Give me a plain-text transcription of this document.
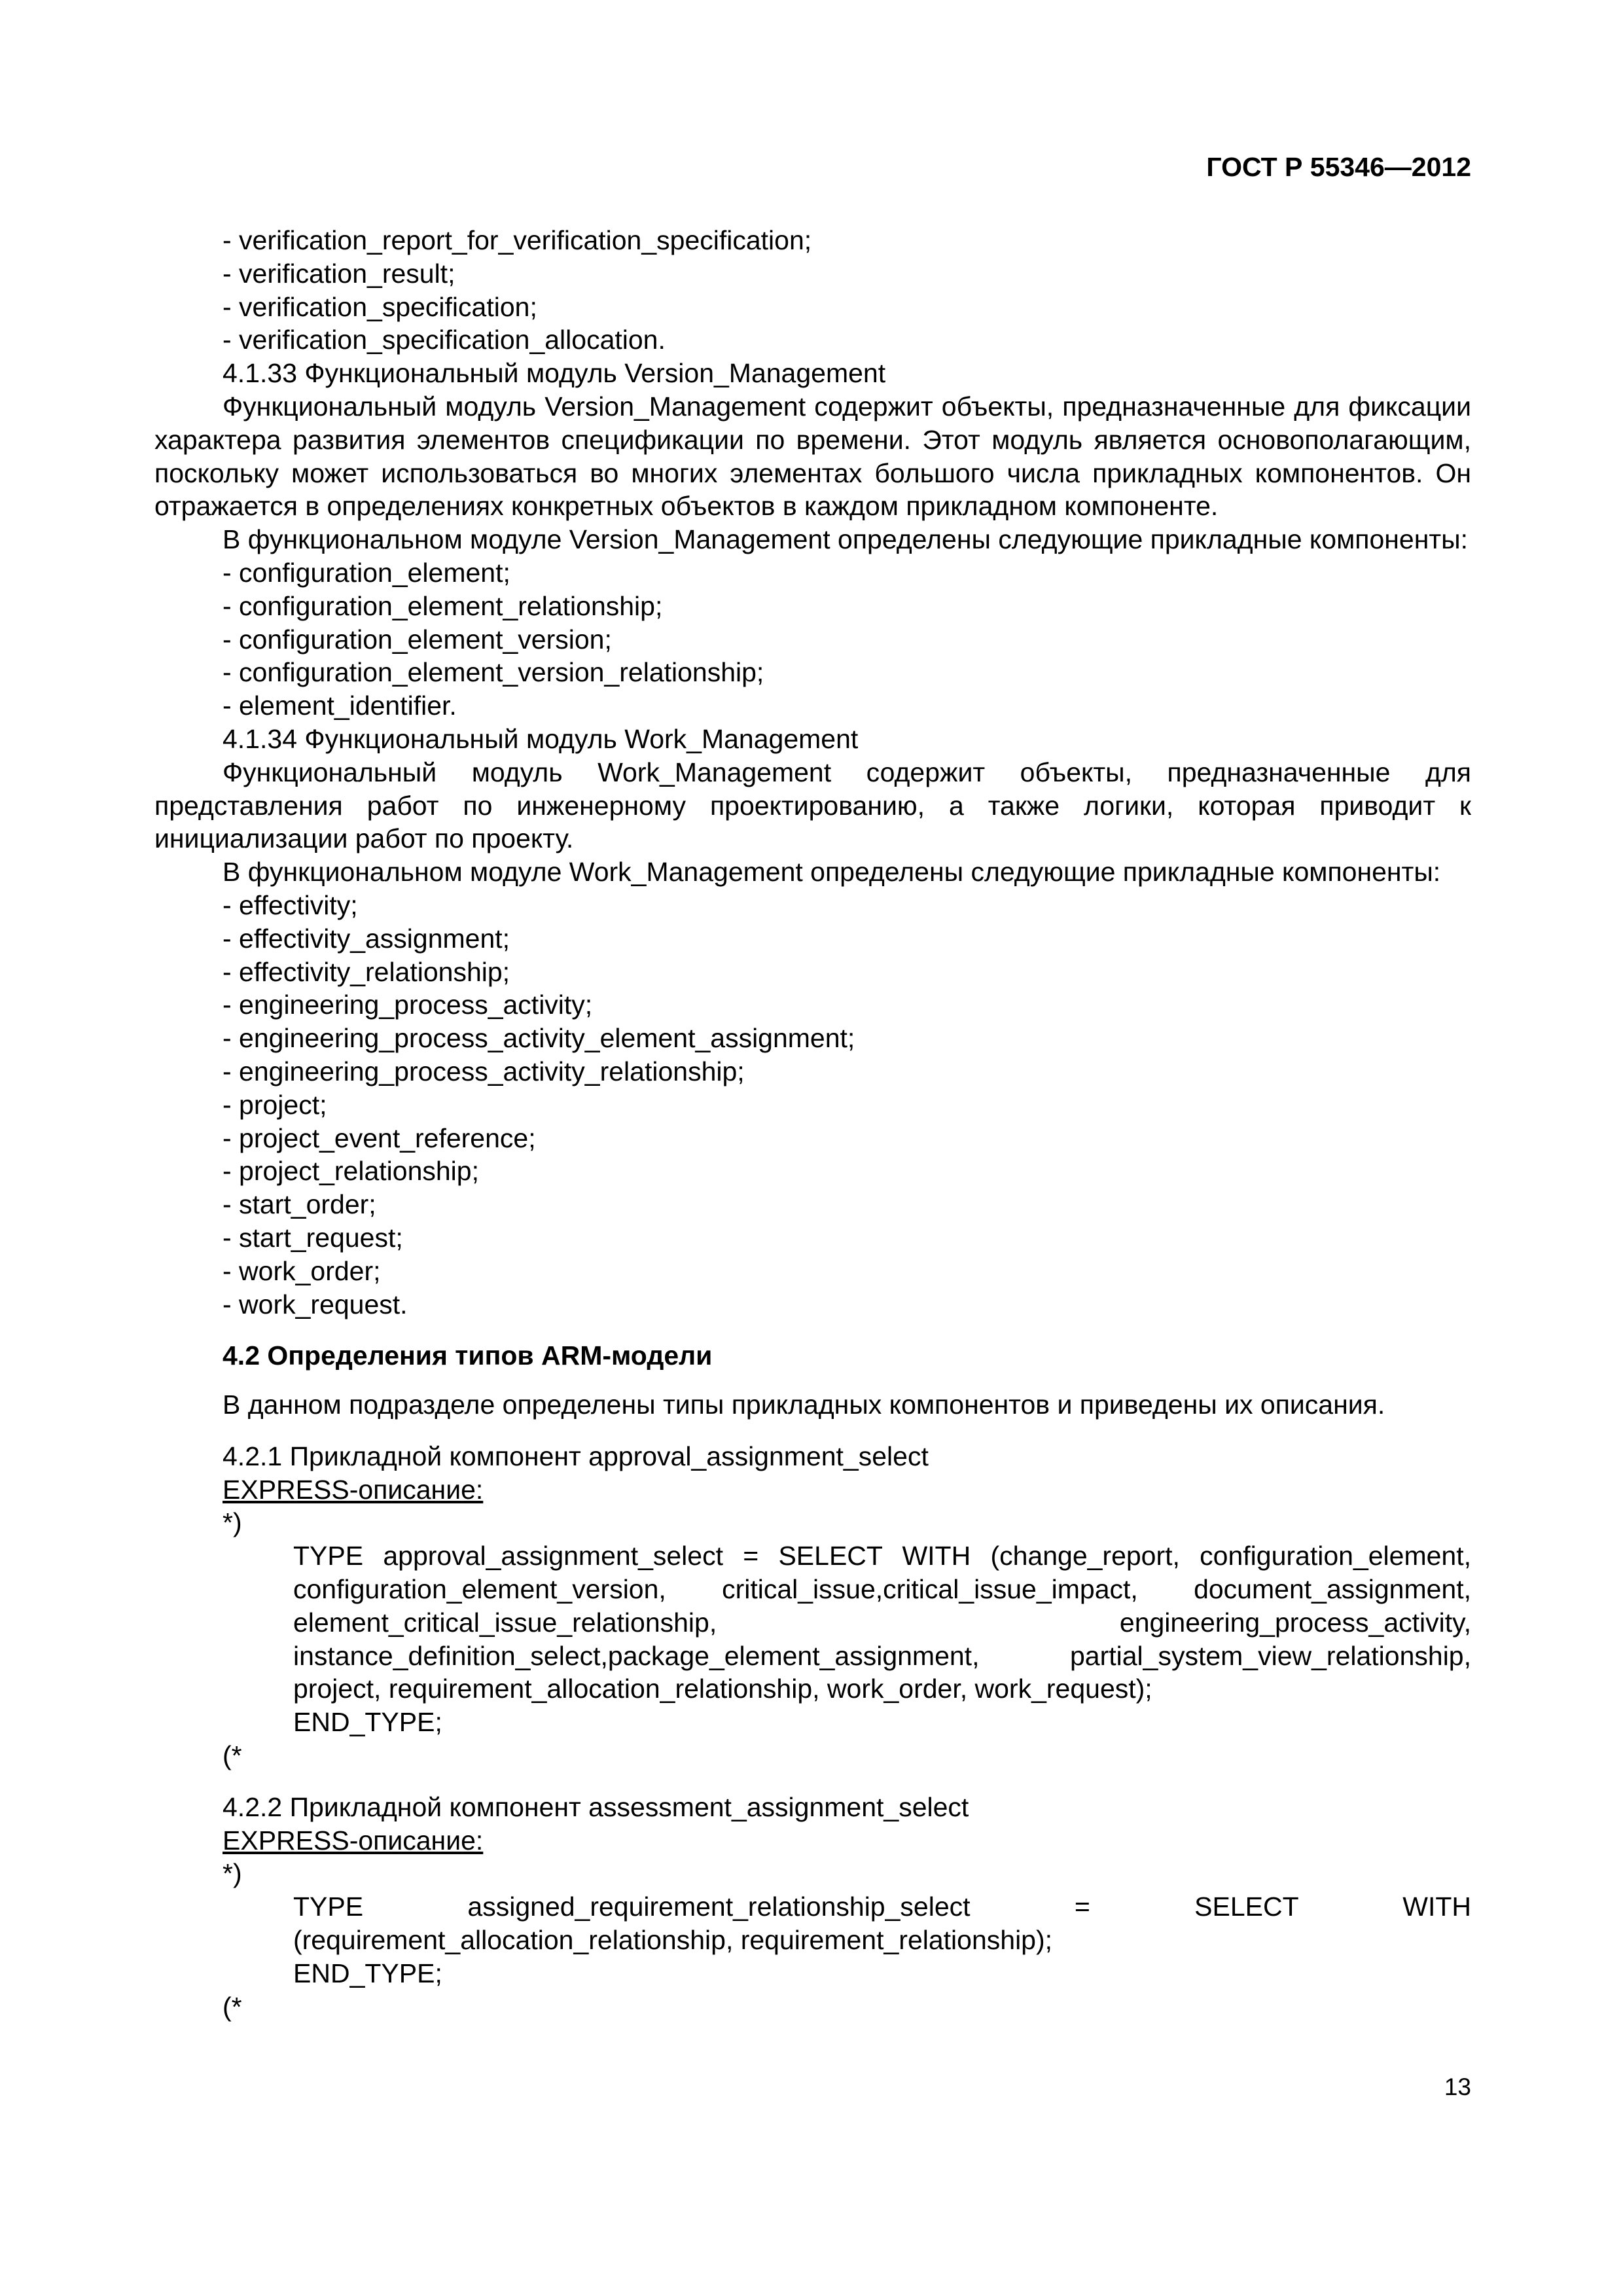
ГОСТ Р 55346—2012
- verification_report_for_verification_specification;
- verification_result;
- verification_specification;
- verification_specification_allocation.
4.1.33 Функциональный модуль Version_Management
Функциональный модуль Version_Management содержит объекты, предназначенные для фиксации характера развития элементов спецификации по времени. Этот модуль является основополагающим, поскольку может использоваться во многих элементах большого числа прикладных компонентов. Он отражается в определениях конкретных объектов в каждом прикладном компоненте.
В функциональном модуле Version_Management определены следующие прикладные компоненты:
- configuration_element;
- configuration_element_relationship;
- configuration_element_version;
- configuration_element_version_relationship;
- element_identifier.
4.1.34 Функциональный модуль Work_Management
Функциональный модуль Work_Management содержит объекты, предназначенные для представления работ по инженерному проектированию, а также логики, которая приводит к инициализации работ по проекту.
В функциональном модуле Work_Management определены следующие прикладные компоненты:
- effectivity;
- effectivity_assignment;
- effectivity_relationship;
- engineering_process_activity;
- engineering_process_activity_element_assignment;
- engineering_process_activity_relationship;
- project;
- project_event_reference;
- project_relationship;
- start_order;
- start_request;
- work_order;
- work_request.
4.2 Определения типов ARM-модели
В данном подразделе определены типы прикладных компонентов и приведены их описания.
4.2.1 Прикладной компонент approval_assignment_select
EXPRESS-описание:
*)
TYPE approval_assignment_select = SELECT WITH (change_report, configuration_element, configuration_element_version, critical_issue,critical_issue_impact, document_assignment, element_critical_issue_relationship, engineering_process_activity, instance_definition_select,package_element_assignment, partial_system_view_relationship, project, requirement_allocation_relationship, work_order, work_request);
END_TYPE;
(*
4.2.2 Прикладной компонент assessment_assignment_select
EXPRESS-описание:
*)
TYPE assigned_requirement_relationship_select = SELECT WITH (requirement_allocation_relationship, requirement_relationship);
END_TYPE;
(*
13
